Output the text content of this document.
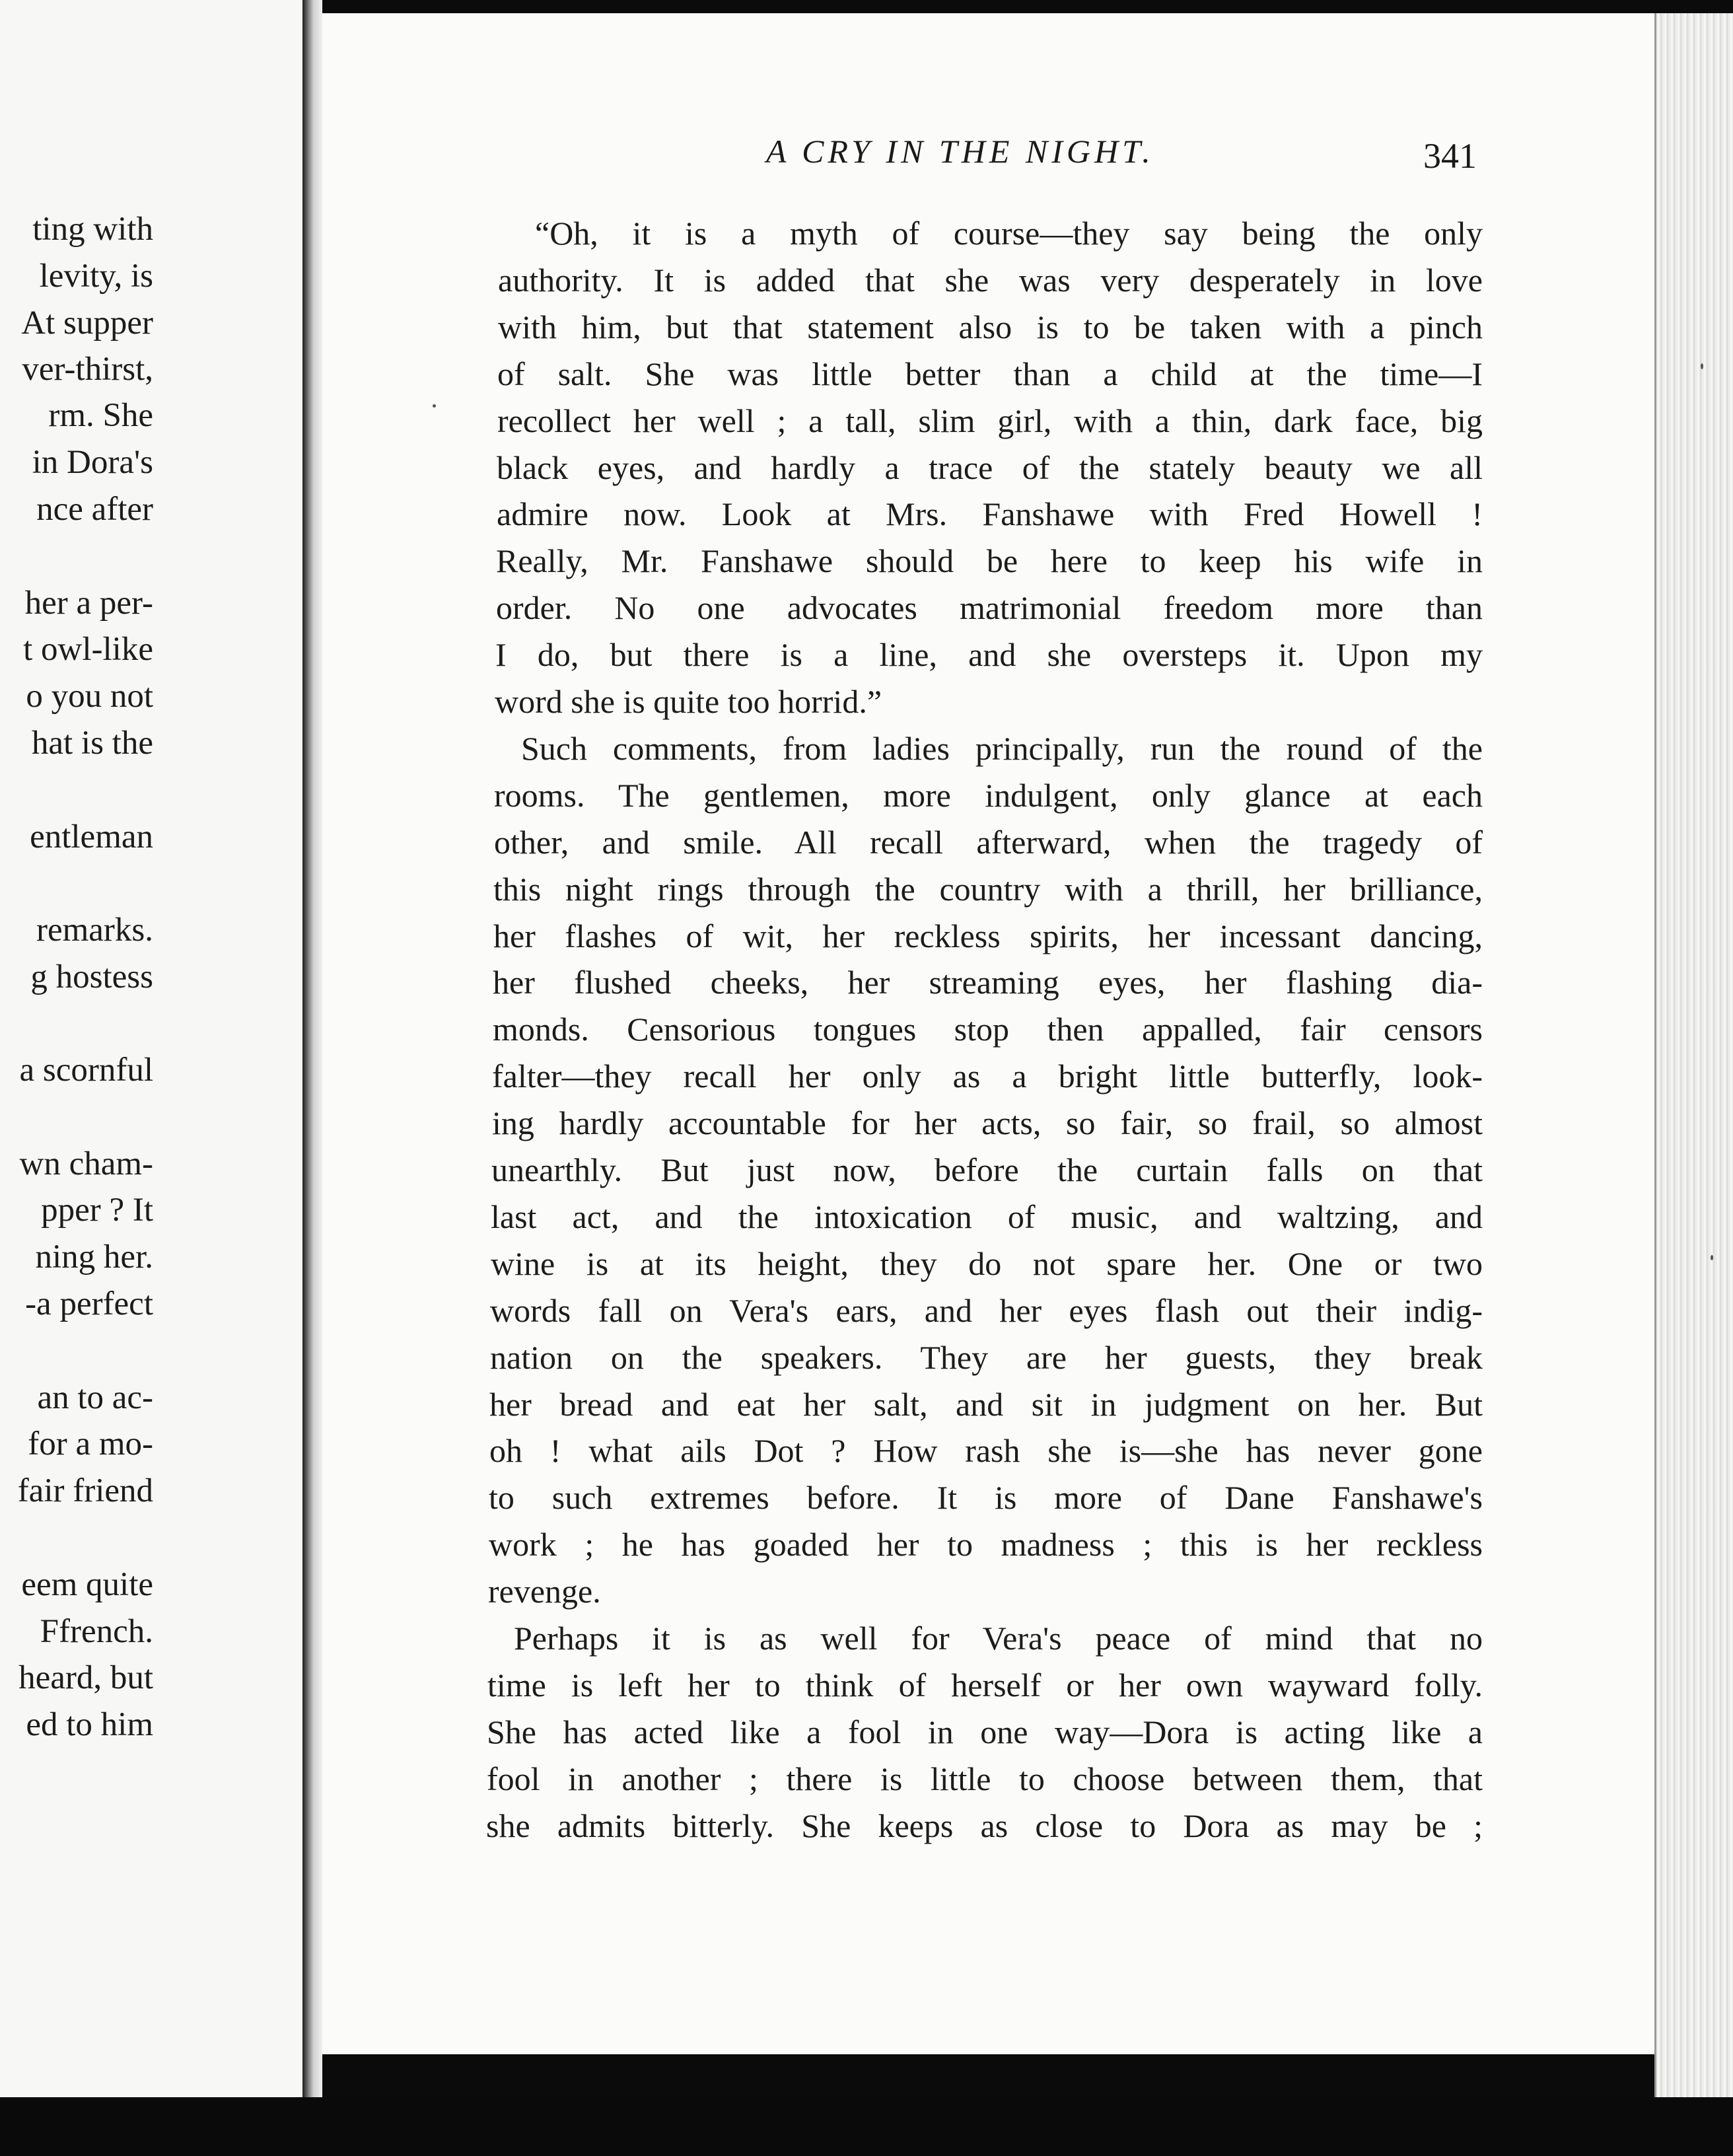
ting with
levity, is
At supper
ver-thirst,
rm. She
in Dora's
nce after
her a per-
t owl-like
o you not
hat is the
entleman
remarks.
g hostess
a scornful
wn cham-
pper ? It
ning her.
-a perfect
an to ac-
for a mo-
fair friend
eem quite
Ffrench.
heard, but
ed to him
A CRY IN THE NIGHT.	341
“Oh, it is a myth of course—they say being the only
authority. It is added that she was very desperately in love
with him, but that statement also is to be taken with a pinch
of salt. She was little better than a child at the time—I
recollect her well ; a tall, slim girl, with a thin, dark face, big
black eyes, and hardly a trace of the stately beauty we all
admire now. Look at Mrs. Fanshawe with Fred Howell !
Really, Mr. Fanshawe should be here to keep his wife in
order. No one advocates matrimonial freedom more than
I do, but there is a line, and she oversteps it. Upon my
word she is quite too horrid.”
Such comments, from ladies principally, run the round of the
rooms. The gentlemen, more indulgent, only glance at each
other, and smile. All recall afterward, when the tragedy of
this night rings through the country with a thrill, her brilliance,
her flashes of wit, her reckless spirits, her incessant dancing,
her flushed cheeks, her streaming eyes, her flashing dia-
monds. Censorious tongues stop then appalled, fair censors
falter—they recall her only as a bright little butterfly, look-
ing hardly accountable for her acts, so fair, so frail, so almost
unearthly. But just now, before the curtain falls on that
last act, and the intoxication of music, and waltzing, and
wine is at its height, they do not spare her. One or two
words fall on Vera's ears, and her eyes flash out their indig-
nation on the speakers. They are her guests, they break
her bread and eat her salt, and sit in judgment on her. But
oh ! what ails Dot ? How rash she is—she has never gone
to such extremes before. It is more of Dane Fanshawe's
work ; he has goaded her to madness ; this is her reckless
revenge.
Perhaps it is as well for Vera's peace of mind that no
time is left her to think of herself or her own wayward folly.
She has acted like a fool in one way—Dora is acting like a
fool in another ; there is little to choose between them, that
she admits bitterly. She keeps as close to Dora as may be ;
